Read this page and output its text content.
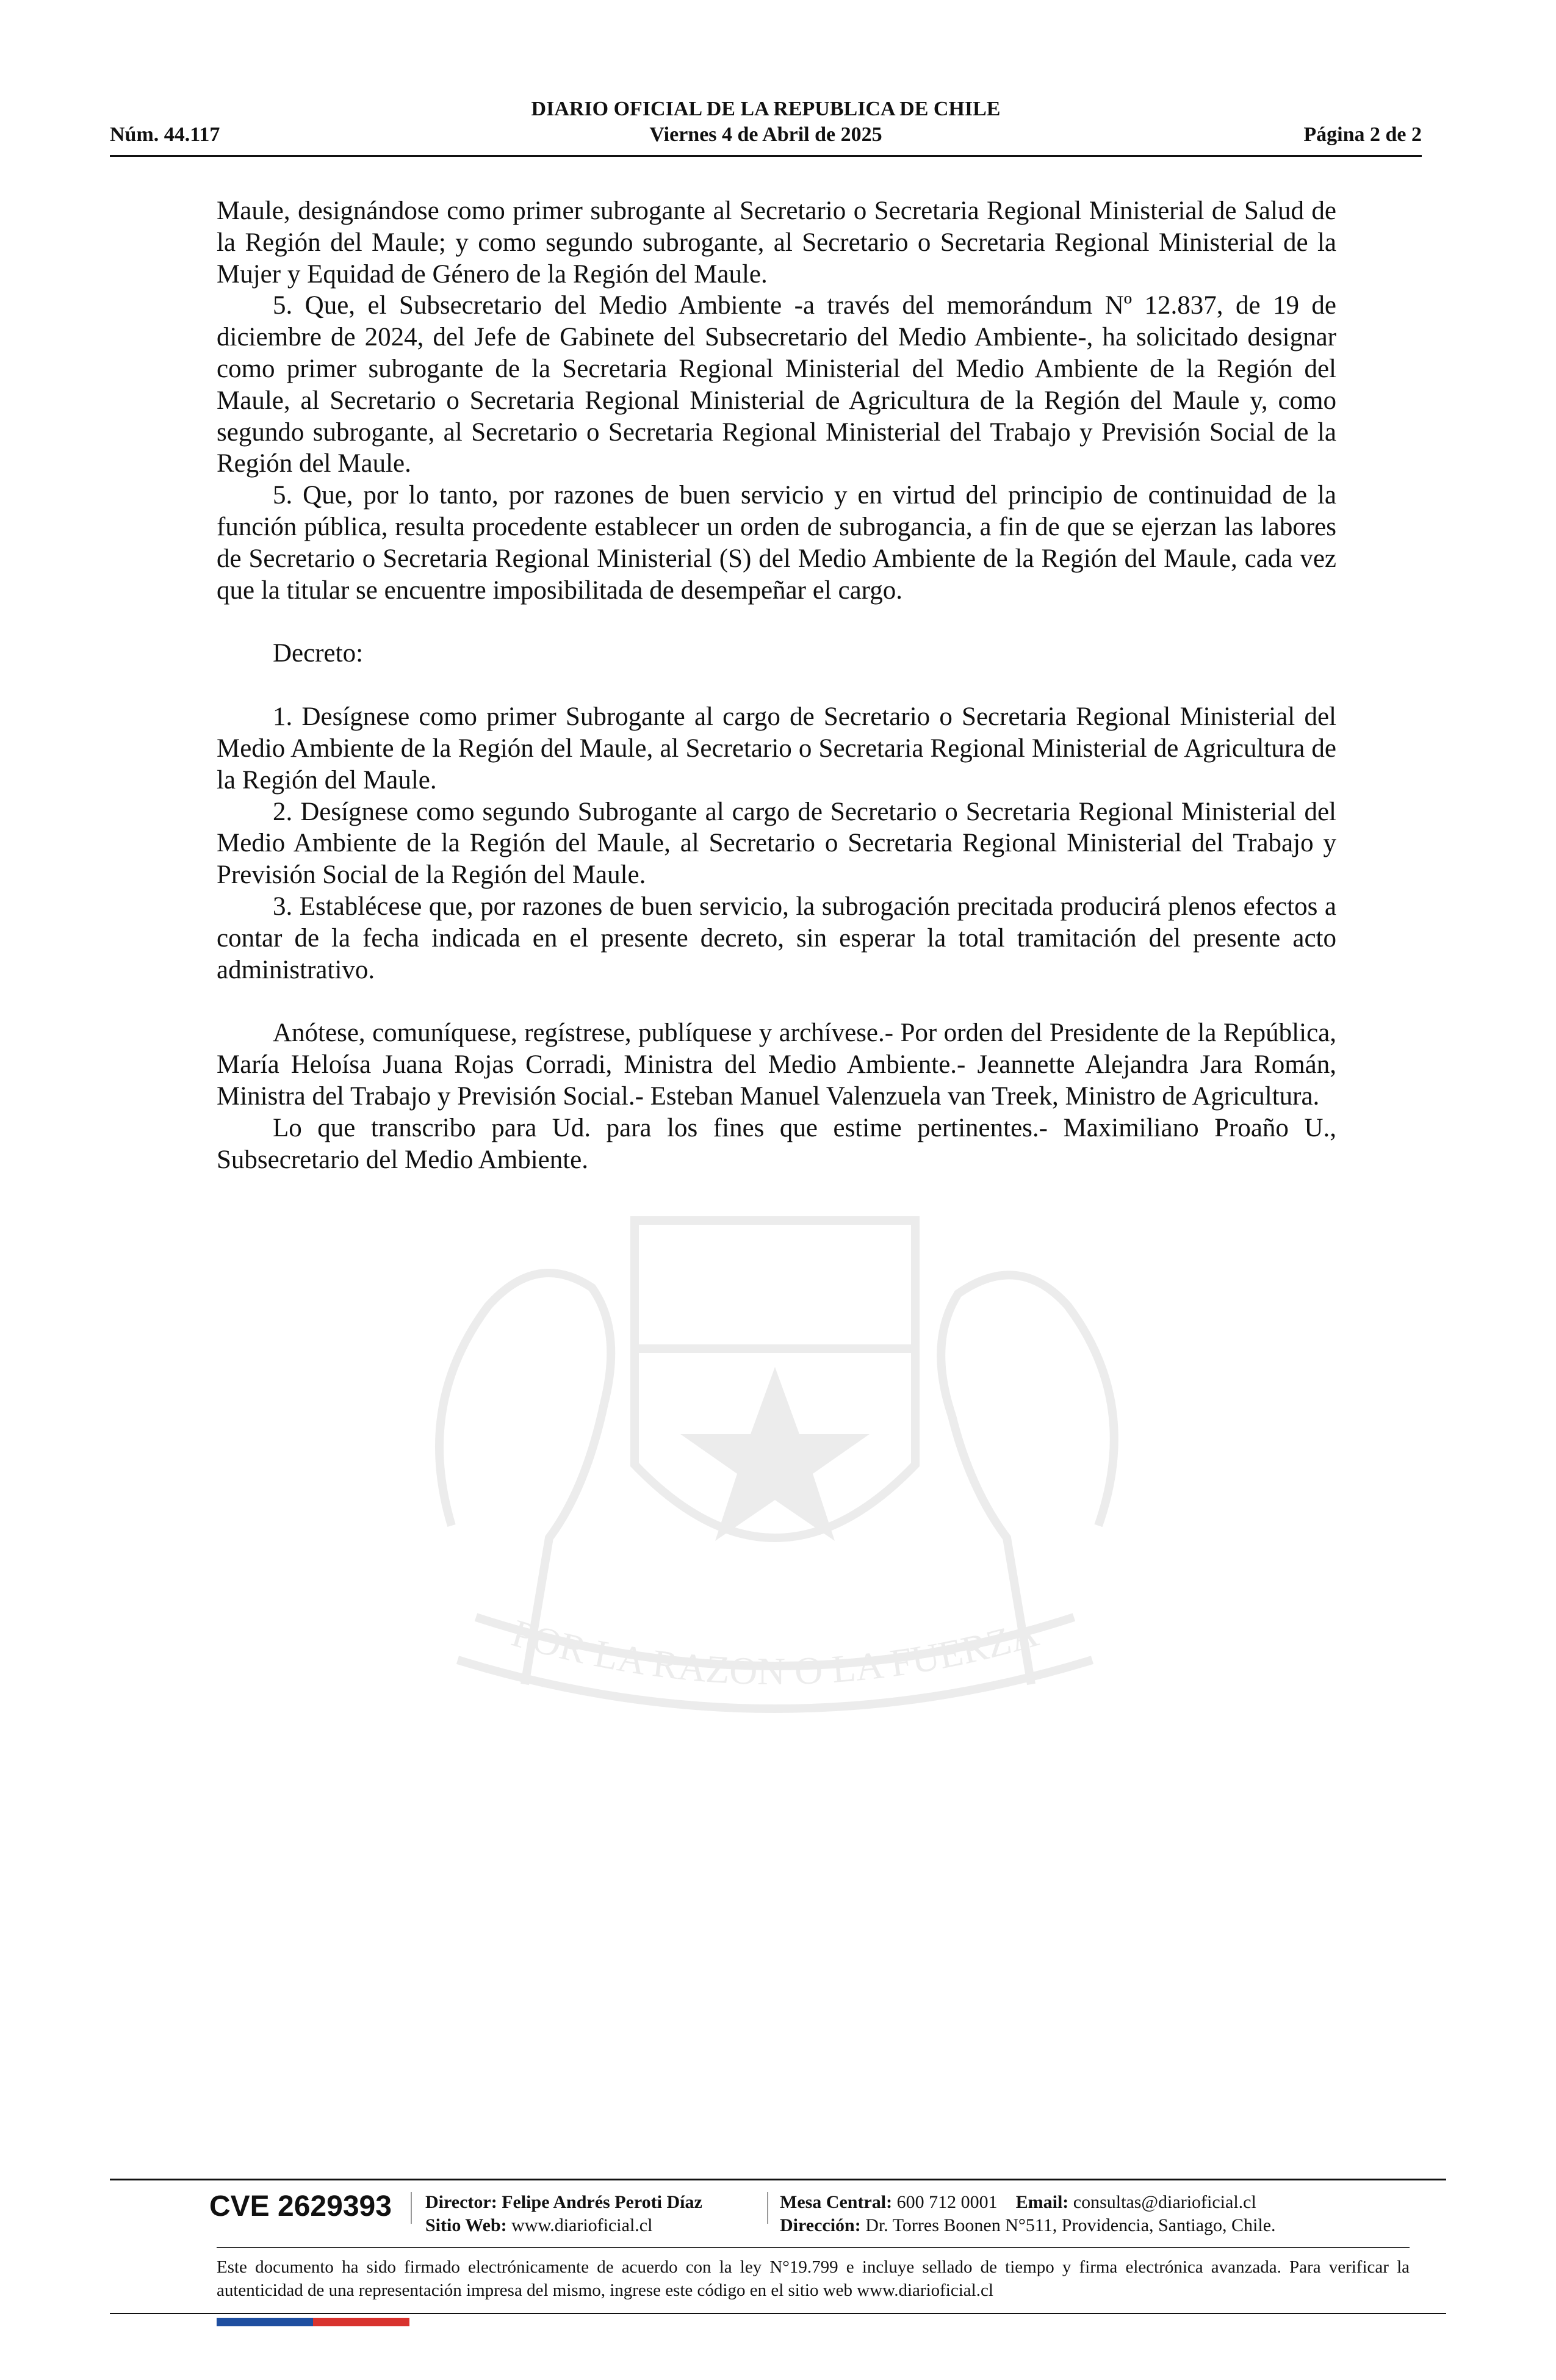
DIARIO OFICIAL DE LA REPUBLICA DE CHILE
Núm. 44.117	Viernes 4 de Abril de 2025	Página 2 de 2
POR LA RAZON O LA FUERZA

Maule, designándose como primer subrogante al Secretario o Secretaria Regional Ministerial de Salud de la Región del Maule; y como segundo subrogante, al Secretario o Secretaria Regional Ministerial de la Mujer y Equidad de Género de la Región del Maule.

5. Que, el Subsecretario del Medio Ambiente -a través del memorándum Nº 12.837, de 19 de diciembre de 2024, del Jefe de Gabinete del Subsecretario del Medio Ambiente-, ha solicitado designar como primer subrogante de la Secretaria Regional Ministerial del Medio Ambiente de la Región del Maule, al Secretario o Secretaria Regional Ministerial de Agricultura de la Región del Maule y, como segundo subrogante, al Secretario o Secretaria Regional Ministerial del Trabajo y Previsión Social de la Región del Maule.

5. Que, por lo tanto, por razones de buen servicio y en virtud del principio de continuidad de la función pública, resulta procedente establecer un orden de subrogancia, a fin de que se ejerzan las labores de Secretario o Secretaria Regional Ministerial (S) del Medio Ambiente de la Región del Maule, cada vez que la titular se encuentre imposibilitada de desempeñar el cargo.

Decreto:

1. Desígnese como primer Subrogante al cargo de Secretario o Secretaria Regional Ministerial del Medio Ambiente de la Región del Maule, al Secretario o Secretaria Regional Ministerial de Agricultura de la Región del Maule.

2. Desígnese como segundo Subrogante al cargo de Secretario o Secretaria Regional Ministerial del Medio Ambiente de la Región del Maule, al Secretario o Secretaria Regional Ministerial del Trabajo y Previsión Social de la Región del Maule.

3. Establécese que, por razones de buen servicio, la subrogación precitada producirá plenos efectos a contar de la fecha indicada en el presente decreto, sin esperar la total tramitación del presente acto administrativo.

Anótese, comuníquese, regístrese, publíquese y archívese.- Por orden del Presidente de la República, María Heloísa Juana Rojas Corradi, Ministra del Medio Ambiente.- Jeannette Alejandra Jara Román, Ministra del Trabajo y Previsión Social.- Esteban Manuel Valenzuela van Treek, Ministro de Agricultura.

Lo que transcribo para Ud. para los fines que estime pertinentes.- Maximiliano Proaño U., Subsecretario del Medio Ambiente.

CVE 2629393 Director: Felipe Andrés Peroti Díaz
Sitio Web: www.diarioficial.cl
Mesa Central: 600 712 0001 Email: consultas@diarioficial.cl
Dirección: Dr. Torres Boonen N°511, Providencia, Santiago, Chile.
Este documento ha sido firmado electrónicamente de acuerdo con la ley N°19.799 e incluye sellado de tiempo y firma electrónica avanzada. Para verificar la autenticidad de una representación impresa del mismo, ingrese este código en el sitio web www.diarioficial.cl
